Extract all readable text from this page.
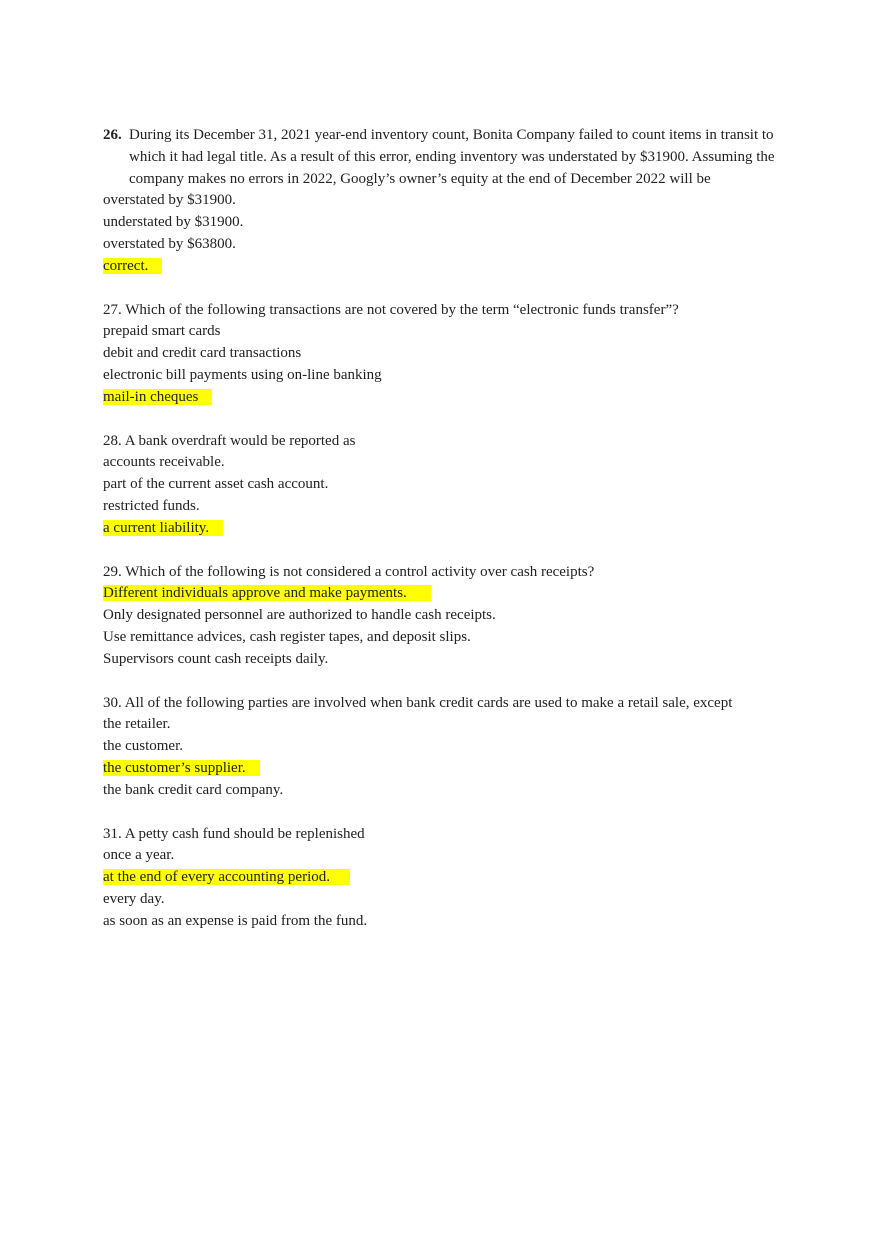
26. During its December 31, 2021 year-end inventory count, Bonita Company failed to count items in transit to which it had legal title. As a result of this error, ending inventory was understated by $31900. Assuming the company makes no errors in 2022, Googly’s owner’s equity at the end of December 2022 will be

overstated by $31900.

understated by $31900.

overstated by $63800.

correct.

27. Which of the following transactions are not covered by the term “electronic funds transfer”?

prepaid smart cards

debit and credit card transactions

electronic bill payments using on-line banking

mail-in cheques

28. A bank overdraft would be reported as

accounts receivable.

part of the current asset cash account.

restricted funds.

a current liability.

29. Which of the following is not considered a control activity over cash receipts?

Different individuals approve and make payments.

Only designated personnel are authorized to handle cash receipts.

Use remittance advices, cash register tapes, and deposit slips.

Supervisors count cash receipts daily.

30. All of the following parties are involved when bank credit cards are used to make a retail sale, except

the retailer.

the customer.

the customer’s supplier.

the bank credit card company.

31. A petty cash fund should be replenished

once a year.

at the end of every accounting period.

every day.

as soon as an expense is paid from the fund.
